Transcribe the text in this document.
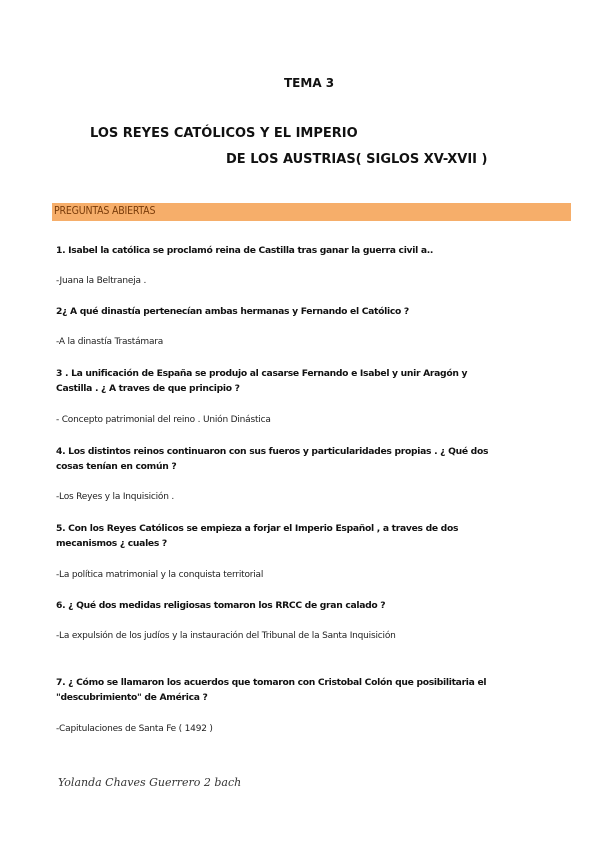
TEMA 3
LOS REYES CATÓLICOS Y EL IMPERIO
DE LOS AUSTRIAS( SIGLOS XV-XVII )
PREGUNTAS ABIERTAS
1. Isabel la católica se proclamó reina de Castilla tras ganar la guerra civil a..
-Juana la Beltraneja .
2¿ A qué dinastía pertenecían ambas hermanas y Fernando el Católico ?
-A la dinastía Trastámara
3 . La unificación de España se produjo al casarse Fernando e Isabel y unir Aragón y Castilla . ¿ A traves de que principio ?
- Concepto patrimonial del reino . Unión Dinástica
4. Los distintos reinos continuaron con sus fueros y particularidades propias . ¿ Qué dos cosas tenían en común ?
-Los Reyes y la Inquisición .
5. Con los Reyes Católicos se empieza a forjar el Imperio Español , a traves de dos mecanismos ¿ cuales ?
-La política matrimonial y la conquista territorial
6. ¿ Qué dos medidas religiosas tomaron los RRCC de gran calado ?
-La expulsión de los judíos y la instauración del Tribunal de la Santa Inquisición
7. ¿ Cómo se llamaron los acuerdos que tomaron con Cristobal Colón que posibilitaria el "descubrimiento" de América ?
-Capitulaciones de Santa Fe ( 1492 )
Yolanda Chaves Guerrero 2 bach
